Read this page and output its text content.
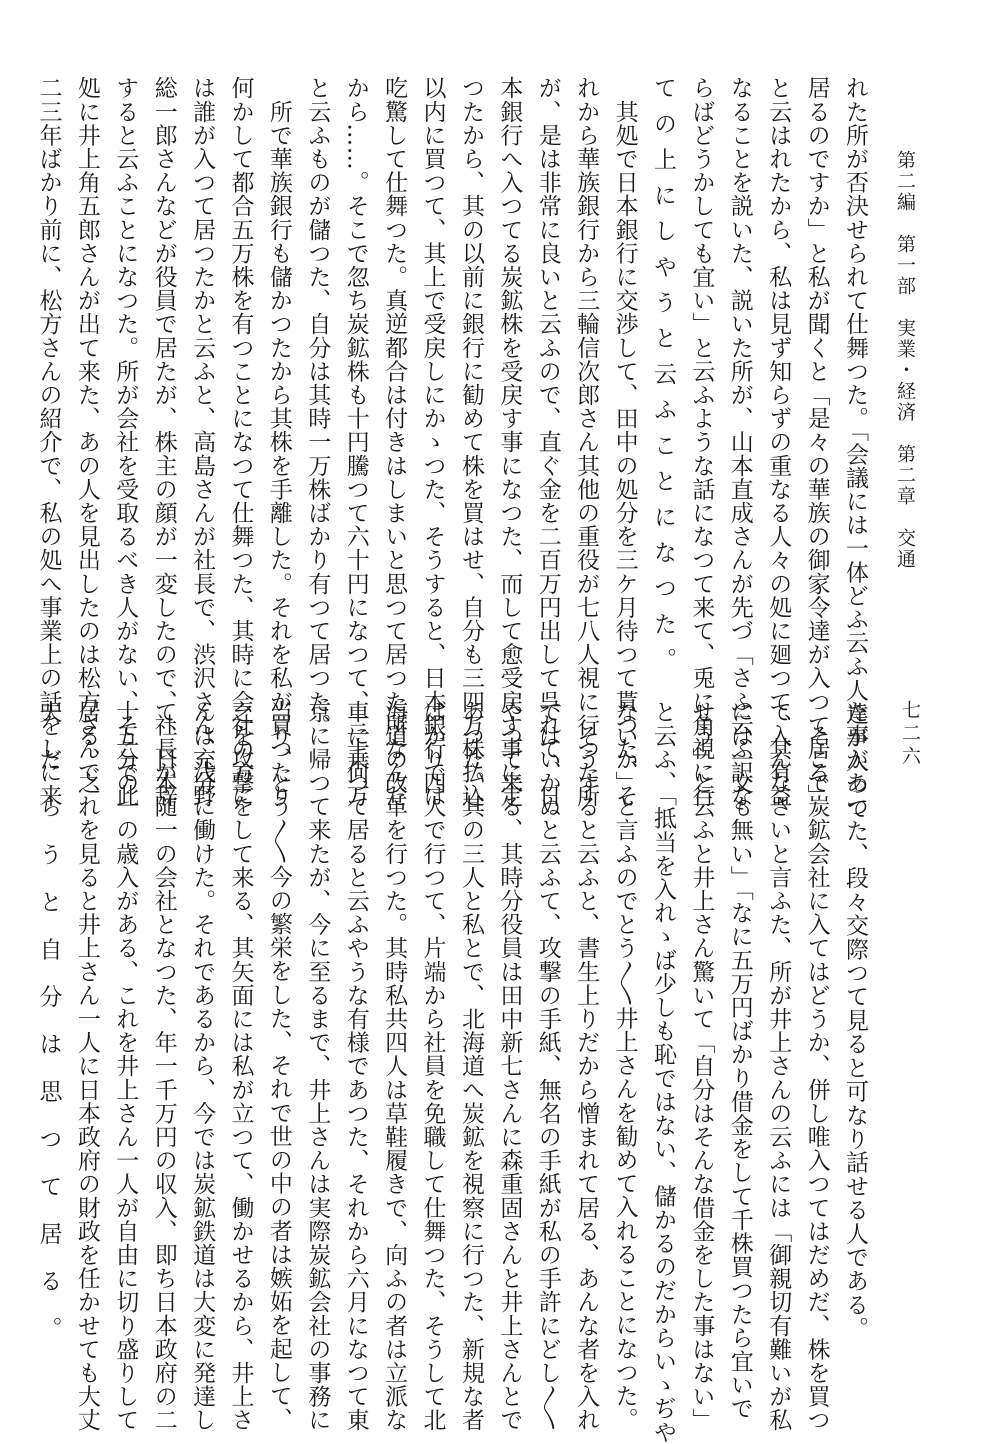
第二編　第一部　実業・経済　第二章　交通
七二六
れた所が否決せられて仕舞つた。「会議には一体どふ云ふ人達が入つて
居るのですか」と私が聞くと「是々の華族の御家令達が入つて居る」
と云はれたから、私は見ず知らずの重なる人々の処に廻つて、其有益
なることを説いた、説いた所が、山本直成さんが先づ「さふ云ふ訳な
らばどうかしても宜い」と云ふような話になつて来て、兎に角視に行
ての上にしやうと云ふことになつた。
　其処で日本銀行に交渉して、田中の処分を三ケ月待つて貰つた、そ
れから華族銀行から三輪信次郎さん其他の重役が七八人視に行つた所
が、是は非常に良いと云ふので、直ぐ金を二百万円出して呉れて、日
本銀行へ入つてる炭鉱株を受戻す事になつた、而して愈受戻す事に定
つたから、其の以前に銀行に勧めて株を買はせ、自分も三四万株払込
以内に買つて、其上で受戻しにかゝつた、そうすると、日本銀行では
吃驚して仕舞つた。真逆都合は付きはしまいと思つて居つた所なんだ
から……。そこで忽ち炭鉱株も十円騰つて六十円になつて、三十何万
と云ふものが儲つた、自分は其時一万株ばかり有つて居つた。
　所で華族銀行も儲かつたから其株を手離した。それを私が買つたり
何かして都合五万株を有つことになつて仕舞つた、其時に会社の方に
は誰が入つて居つたかと云ふと、高島さんが社長で、渋沢さん、浅野
総一郎さんなどが役員で居たが、株主の顔が一変したので、社長が辞
すると云ふことになつた。所が会社を受取るべき人がない、そこで此
処に井上角五郎さんが出て来た、あの人を見出したのは松方さんで、
二三年ばかり前に、松方さんの紹介で、私の処へ事業上の話をしに来
た事があつた、段々交際つて見ると可なり話せる人である。
　そこで炭鉱会社に入てはどうか、併し唯入つてはだめだ、株を買つ
て入んなさいと言ふた、所が井上さんの云ふには「御親切有難いが私
には一文も無い」「なに五万円ばかり借金をして千株買つたら宜いで
せう」と云ふと井上さん驚いて「自分はそんな借金をした事はない」
と云ふ、「抵当を入れゝば少しも恥ではない、儲かるのだからいゝぢや
ないか」と言ふのでとう〳〵井上さんを勧めて入れることになつた。
　そうすると云ふと、書生上りだから憎まれて居る、あんな者を入れ
てはいかぬと云ふて、攻撃の手紙、無名の手紙が私の手許にどし〳〵
やつて来る、其時分役員は田中新七さんに森重固さんと井上さんとで
あつた。其の三人と私とで、北海道へ炭鉱を視察に行つた、新規な者
ばかり四人で行つて、片端から社員を免職して仕舞つた、そうして北
海道の改革を行つた。其時私共四人は草鞋履きで、向ふの者は立派な
車に乗つて居ると云ふやうな有様であつた、それから六月になつて東
京に帰つて来たが、今に至るまで、井上さんは実際炭鉱会社の事務に
当り、とう〳〵今の繁栄をした、それで世の中の者は嫉妬を起して、
之を攻撃をして来る、其矢面には私が立つて、働かせるから、井上さ
んは充分に働けた。それであるから、今では炭鉱鉄道は大変に発達し
て、日本随一の会社となつた、年一千万円の収入、即ち日本政府の二
十五分の一の歳入がある、これを井上さん一人が自由に切り盛りして
居る、之れを見ると井上さん一人に日本政府の財政を任かせても大丈
夫だらうと自分は思つて居る。
